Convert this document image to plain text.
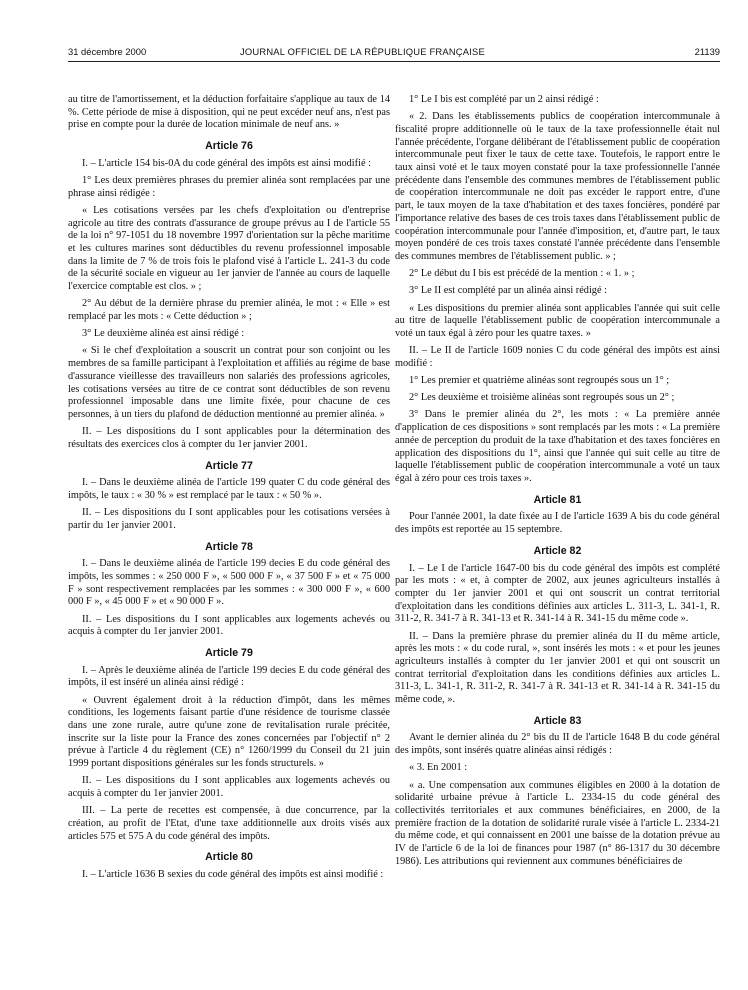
31 décembre 2000	JOURNAL OFFICIEL DE LA RÉPUBLIQUE FRANÇAISE	21139

au titre de l'amortissement, et la déduction forfaitaire s'applique au taux de 14 %. Cette période de mise à disposition, qui ne peut excéder neuf ans, n'est pas prise en compte pour la durée de location minimale de neuf ans. »

Article 76

I. – L'article 154 bis-0A du code général des impôts est ainsi modifié :

1° Les deux premières phrases du premier alinéa sont remplacées par une phrase ainsi rédigée :

« Les cotisations versées par les chefs d'exploitation ou d'entreprise agricole au titre des contrats d'assurance de groupe prévus au I de l'article 55 de la loi n° 97-1051 du 18 novembre 1997 d'orientation sur la pêche maritime et les cultures marines sont déductibles du revenu professionnel imposable dans la limite de 7 % de trois fois le plafond visé à l'article L. 241-3 du code de la sécurité sociale en vigueur au 1er janvier de l'année au cours de laquelle l'exercice comptable est clos. » ;

2° Au début de la dernière phrase du premier alinéa, le mot : « Elle » est remplacé par les mots : « Cette déduction » ;

3° Le deuxième alinéa est ainsi rédigé :

« Si le chef d'exploitation a souscrit un contrat pour son conjoint ou les membres de sa famille participant à l'exploitation et affiliés au régime de base d'assurance vieillesse des travailleurs non salariés des professions agricoles, les cotisations versées au titre de ce contrat sont déductibles de son revenu professionnel imposable dans une limite fixée, pour chacune de ces personnes, à un tiers du plafond de déduction mentionné au premier alinéa. »

II. – Les dispositions du I sont applicables pour la détermination des résultats des exercices clos à compter du 1er janvier 2001.

Article 77

I. – Dans le deuxième alinéa de l'article 199 quater C du code général des impôts, le taux : « 30 % » est remplacé par le taux : « 50 % ».

II. – Les dispositions du I sont applicables pour les cotisations versées à partir du 1er janvier 2001.

Article 78

I. – Dans le deuxième alinéa de l'article 199 decies E du code général des impôts, les sommes : « 250 000 F », « 500 000 F », « 37 500 F » et « 75 000 F » sont respectivement remplacées par les sommes : « 300 000 F », « 600 000 F », « 45 000 F » et « 90 000 F ».

II. – Les dispositions du I sont applicables aux logements achevés ou acquis à compter du 1er janvier 2001.

Article 79

I. – Après le deuxième alinéa de l'article 199 decies E du code général des impôts, il est inséré un alinéa ainsi rédigé :

« Ouvrent également droit à la réduction d'impôt, dans les mêmes conditions, les logements faisant partie d'une résidence de tourisme classée dans une zone rurale, autre qu'une zone de revitalisation rurale précitée, inscrite sur la liste pour la France des zones concernées par l'objectif n° 2 prévue à l'article 4 du règlement (CE) n° 1260/1999 du Conseil du 21 juin 1999 portant dispositions générales sur les fonds structurels. »

II. – Les dispositions du I sont applicables aux logements achevés ou acquis à compter du 1er janvier 2001.

III. – La perte de recettes est compensée, à due concurrence, par la création, au profit de l'Etat, d'une taxe additionnelle aux droits visés aux articles 575 et 575 A du code général des impôts.

Article 80

I. – L'article 1636 B sexies du code général des impôts est ainsi modifié :

1° Le I bis est complété par un 2 ainsi rédigé :

« 2. Dans les établissements publics de coopération intercommunale à fiscalité propre additionnelle où le taux de la taxe professionnelle était nul l'année précédente, l'organe délibérant de l'établissement public de coopération intercommunale peut fixer le taux de cette taxe. Toutefois, le rapport entre le taux ainsi voté et le taux moyen constaté pour la taxe professionnelle l'année précédente dans l'ensemble des communes membres de l'établissement public de coopération intercommunale ne doit pas excéder le rapport entre, d'une part, le taux moyen de la taxe d'habitation et des taxes foncières, pondéré par l'importance relative des bases de ces trois taxes dans l'établissement public de coopération intercommunale pour l'année d'imposition, et, d'autre part, le taux moyen pondéré de ces trois taxes constaté l'année précédente dans l'ensemble des communes membres de l'établissement public. » ;

2° Le début du I bis est précédé de la mention : « 1. » ;

3° Le II est complété par un alinéa ainsi rédigé :

« Les dispositions du premier alinéa sont applicables l'année qui suit celle au titre de laquelle l'établissement public de coopération intercommunale a voté un taux égal à zéro pour les quatre taxes. »

II. – Le II de l'article 1609 nonies C du code général des impôts est ainsi modifié :

1° Les premier et quatrième alinéas sont regroupés sous un 1° ;

2° Les deuxième et troisième alinéas sont regroupés sous un 2° ;

3° Dans le premier alinéa du 2°, les mots : « La première année d'application de ces dispositions » sont remplacés par les mots : « La première année de perception du produit de la taxe d'habitation et des taxes foncières en application des dispositions du 1°, ainsi que l'année qui suit celle au titre de laquelle l'établissement public de coopération intercommunale a voté un taux égal à zéro pour ces trois taxes ».

Article 81

Pour l'année 2001, la date fixée au I de l'article 1639 A bis du code général des impôts est reportée au 15 septembre.

Article 82

I. – Le I de l'article 1647-00 bis du code général des impôts est complété par les mots : « et, à compter de 2002, aux jeunes agriculteurs installés à compter du 1er janvier 2001 et qui ont souscrit un contrat territorial d'exploitation dans les conditions définies aux articles L. 311-3, L. 341-1, R. 311-2, R. 341-7 à R. 341-13 et R. 341-14 à R. 341-15 du même code ».

II. – Dans la première phrase du premier alinéa du II du même article, après les mots : « du code rural, », sont insérés les mots : « et pour les jeunes agriculteurs installés à compter du 1er janvier 2001 et qui ont souscrit un contrat territorial d'exploitation dans les conditions définies aux articles L. 311-3, L. 341-1, R. 311-2, R. 341-7 à R. 341-13 et R. 341-14 à R. 341-15 du même code, ».

Article 83

Avant le dernier alinéa du 2° bis du II de l'article 1648 B du code général des impôts, sont insérés quatre alinéas ainsi rédigés :

« 3. En 2001 :

« a. Une compensation aux communes éligibles en 2000 à la dotation de solidarité urbaine prévue à l'article L. 2334-15 du code général des collectivités territoriales et aux communes bénéficiaires, en 2000, de la première fraction de la dotation de solidarité rurale visée à l'article L. 2334-21 du même code, et qui connaissent en 2001 une baisse de la dotation prévue au IV de l'article 6 de la loi de finances pour 1987 (n° 86-1317 du 30 décembre 1986). Les attributions qui reviennent aux communes bénéficiaires de
